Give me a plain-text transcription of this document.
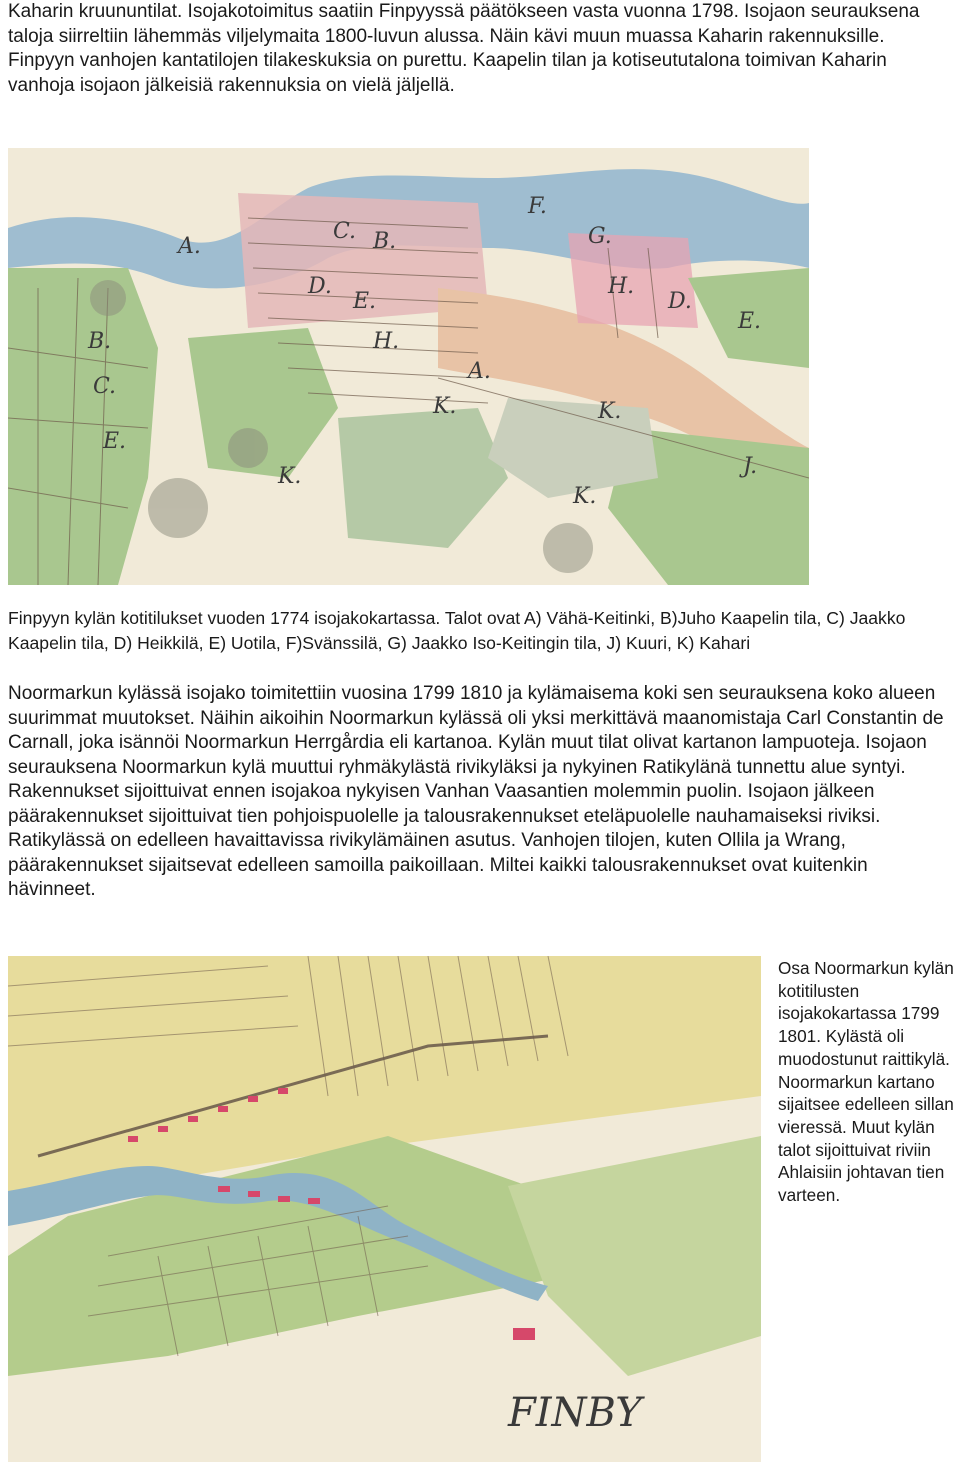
Kaharin kruununtilat. Isojakotoimitus saatiin Finpyyssä päätökseen vasta vuonna 1798. Isojaon seurauksena taloja siirreltiin lähemmäs viljelymaita 1800-luvun alussa. Näin kävi muun muassa Kaharin rakennuksille. Finpyyn vanhojen kantatilojen tilakeskuksia on purettu. Kaapelin tilan ja kotiseututalona toimivan Kaharin vanhoja isojaon jälkeisiä rakennuksia on vielä jäljellä.

A.	B.
C.
D.
E.
F.
G.
H.
D.
E.
K.	K.
K.	J.
K.
B.
C.
E.
H.
A.

Finpyyn kylän kotitilukset vuoden 1774 isojakokartassa. Talot ovat A) Vähä-Keitinki, B)Juho Kaapelin tila, C) Jaakko Kaapelin tila, D) Heikkilä, E) Uotila, F)Svänssilä, G) Jaakko Iso-Keitingin tila, J) Kuuri, K) Kahari

Noormarkun kylässä isojako toimitettiin vuosina 1799 1810 ja kylämaisema koki sen seurauksena koko alueen suurimmat muutokset. Näihin aikoihin Noormarkun kylässä oli yksi merkittävä maanomistaja Carl Constantin de Carnall, joka isännöi Noormarkun Herrgårdia eli kartanoa. Kylän muut tilat olivat kartanon lampuoteja. Isojaon seurauksena Noormarkun kylä muuttui ryhmäkylästä rivikyläksi ja nykyinen Ratikylänä tunnettu alue syntyi. Rakennukset sijoittuivat ennen isojakoa nykyisen Vanhan Vaasantien molemmin puolin. Isojaon jälkeen päärakennukset sijoittuivat tien pohjoispuolelle ja talousrakennukset eteläpuolelle nauhamaiseksi riviksi. Ratikylässä on edelleen havaittavissa rivikylämäinen asutus. Vanhojen tilojen, kuten Ollila ja Wrang, päärakennukset sijaitsevat edelleen samoilla paikoillaan. Miltei kaikki talousrakennukset ovat kuitenkin hävinneet.

FINBY

Osa Noormarkun kylän kotitilusten isojakokartassa 1799 1801. Kylästä oli muodostunut raittikylä. Noormarkun kartano sijaitsee edelleen sillan vieressä. Muut kylän talot sijoittuivat riviin Ahlaisiin johtavan tien varteen.
